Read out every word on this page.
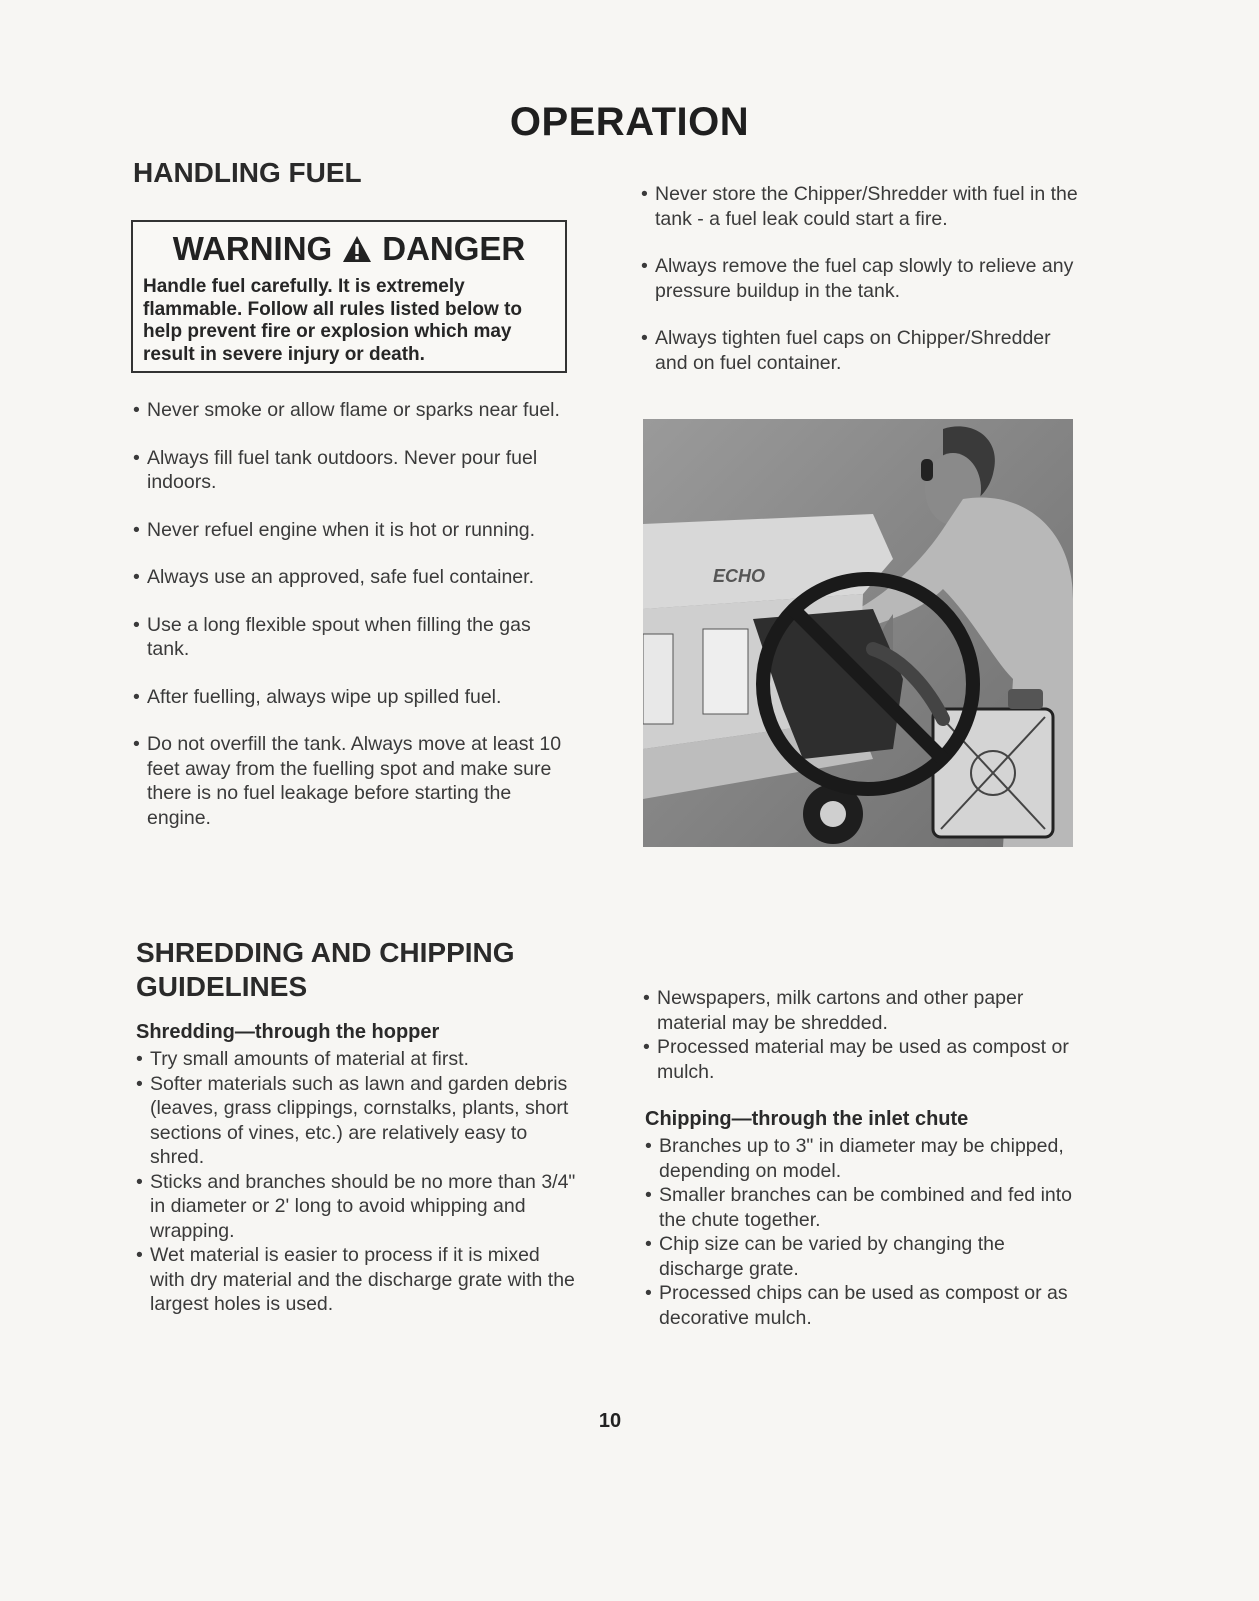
OPERATION
HANDLING FUEL
WARNING DANGER
Handle fuel carefully. It is extremely flammable. Follow all rules listed below to help prevent fire or explosion which may result in severe injury or death.
• Never smoke or allow flame or sparks near fuel.
• Always fill fuel tank outdoors. Never pour fuel indoors.
• Never refuel engine when it is hot or running.
• Always use an approved, safe fuel container.
• Use a long flexible spout when filling the gas tank.
• After fuelling, always wipe up spilled fuel.
• Do not overfill the tank. Always move at least 10 feet away from the fuelling spot and make sure there is no fuel leakage before starting the engine.
• Never store the Chipper/Shredder with fuel in the tank - a fuel leak could start a fire.
• Always remove the fuel cap slowly to relieve any pressure buildup in the tank.
• Always tighten fuel caps on Chipper/Shredder and on fuel container.
ECHO
SHREDDING AND CHIPPING
GUIDELINES
Shredding—through the hopper
• Try small amounts of material at first.
• Softer materials such as lawn and garden debris (leaves, grass clippings, cornstalks, plants, short sections of vines, etc.) are relatively easy to shred.
• Sticks and branches should be no more than 3/4" in diameter or 2' long to avoid whipping and wrapping.
• Wet material is easier to process if it is mixed with dry material and the discharge grate with the largest holes is used.
• Newspapers, milk cartons and other paper material may be shredded.
• Processed material may be used as compost or mulch.
Chipping—through the inlet chute
• Branches up to 3" in diameter may be chipped, depending on model.
• Smaller branches can be combined and fed into the chute together.
• Chip size can be varied by changing the discharge grate.
• Processed chips can be used as compost or as decorative mulch.
10
